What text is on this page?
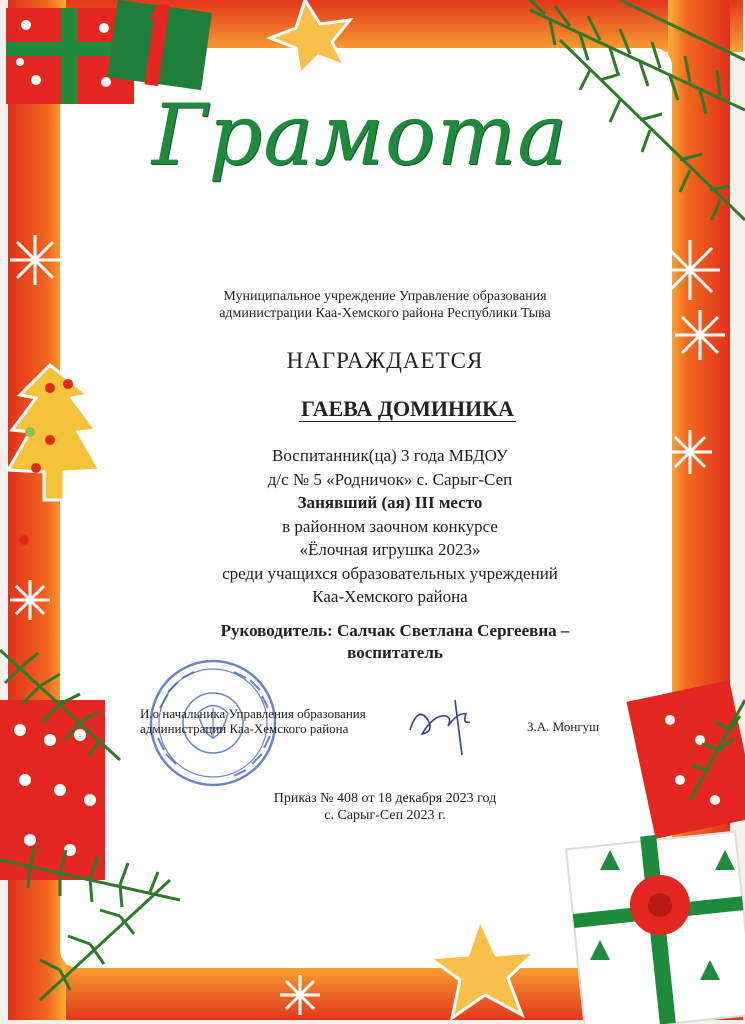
Грамота
Муниципальное учреждение Управление образования
администрации Каа-Хемского района Республики Тыва
НАГРАЖДАЕТСЯ
ГАЕВА ДОМИНИКА
Воспитанник(ца) 3 года МБДОУ
д/с № 5 «Родничок» с. Сарыг-Сеп
Занявший (ая) III место
в районном заочном конкурсе
«Ёлочная игрушка 2023»
среди учащихся образовательных учреждений
Каа-Хемского района
Руководитель: Салчак Светлана Сергеевна –
воспитатель
И.о начальника Управления образования
администрации Каа-Хемского района	З.А. Монгуш
Приказ № 408 от 18 декабря 2023 год
с. Сарыг-Сеп 2023 г.
